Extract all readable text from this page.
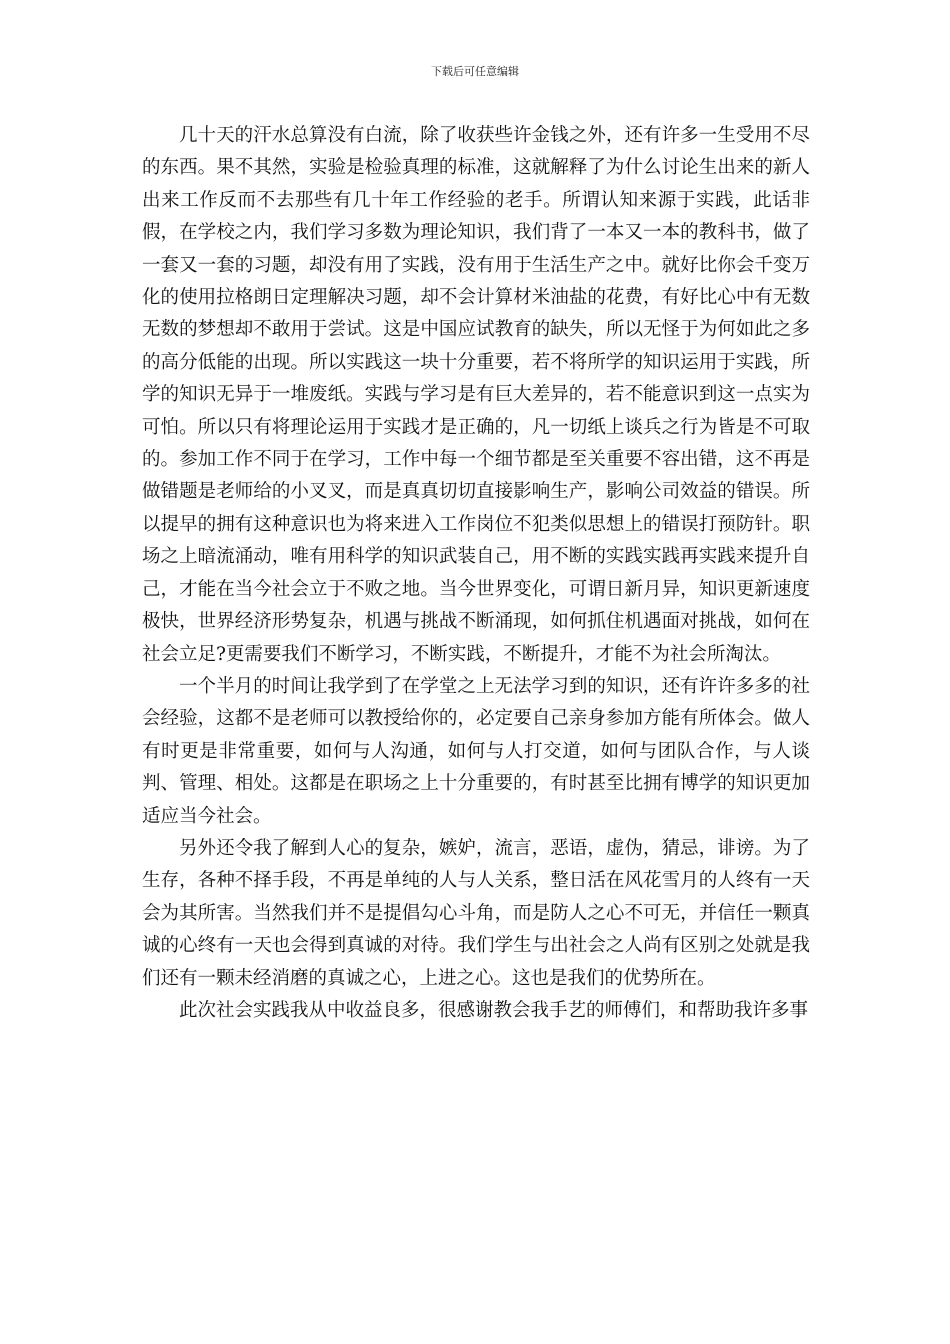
下载后可任意编辑

几十天的汗水总算没有白流，除了收获些许金钱之外，还有许多一生受用不尽的东西。果不其然，实验是检验真理的标准，这就解释了为什么讨论生出来的新人出来工作反而不去那些有几十年工作经验的老手。所谓认知来源于实践，此话非假，在学校之内，我们学习多数为理论知识，我们背了一本又一本的教科书，做了一套又一套的习题，却没有用了实践，没有用于生活生产之中。就好比你会千变万化的使用拉格朗日定理解决习题，却不会计算材米油盐的花费，有好比心中有无数无数的梦想却不敢用于尝试。这是中国应试教育的缺失，所以无怪于为何如此之多的高分低能的出现。所以实践这一块十分重要，若不将所学的知识运用于实践，所学的知识无异于一堆废纸。实践与学习是有巨大差异的，若不能意识到这一点实为可怕。所以只有将理论运用于实践才是正确的，凡一切纸上谈兵之行为皆是不可取的。参加工作不同于在学习，工作中每一个细节都是至关重要不容出错，这不再是做错题是老师给的小叉叉，而是真真切切直接影响生产，影响公司效益的错误。所以提早的拥有这种意识也为将来进入工作岗位不犯类似思想上的错误打预防针。职场之上暗流涌动，唯有用科学的知识武装自己，用不断的实践实践再实践来提升自己，才能在当今社会立于不败之地。当今世界变化，可谓日新月异，知识更新速度极快，世界经济形势复杂，机遇与挑战不断涌现，如何抓住机遇面对挑战，如何在社会立足?更需要我们不断学习，不断实践，不断提升，才能不为社会所淘汰。

一个半月的时间让我学到了在学堂之上无法学习到的知识，还有许许多多的社会经验，这都不是老师可以教授给你的，必定要自己亲身参加方能有所体会。做人有时更是非常重要，如何与人沟通，如何与人打交道，如何与团队合作，与人谈判、管理、相处。这都是在职场之上十分重要的，有时甚至比拥有博学的知识更加适应当今社会。

另外还令我了解到人心的复杂，嫉妒，流言，恶语，虚伪，猜忌，诽谤。为了生存，各种不择手段，不再是单纯的人与人关系，整日活在风花雪月的人终有一天会为其所害。当然我们并不是提倡勾心斗角，而是防人之心不可无，并信任一颗真诚的心终有一天也会得到真诚的对待。我们学生与出社会之人尚有区别之处就是我们还有一颗未经消磨的真诚之心，上进之心。这也是我们的优势所在。

此次社会实践我从中收益良多，很感谢教会我手艺的师傅们，和帮助我许多事
